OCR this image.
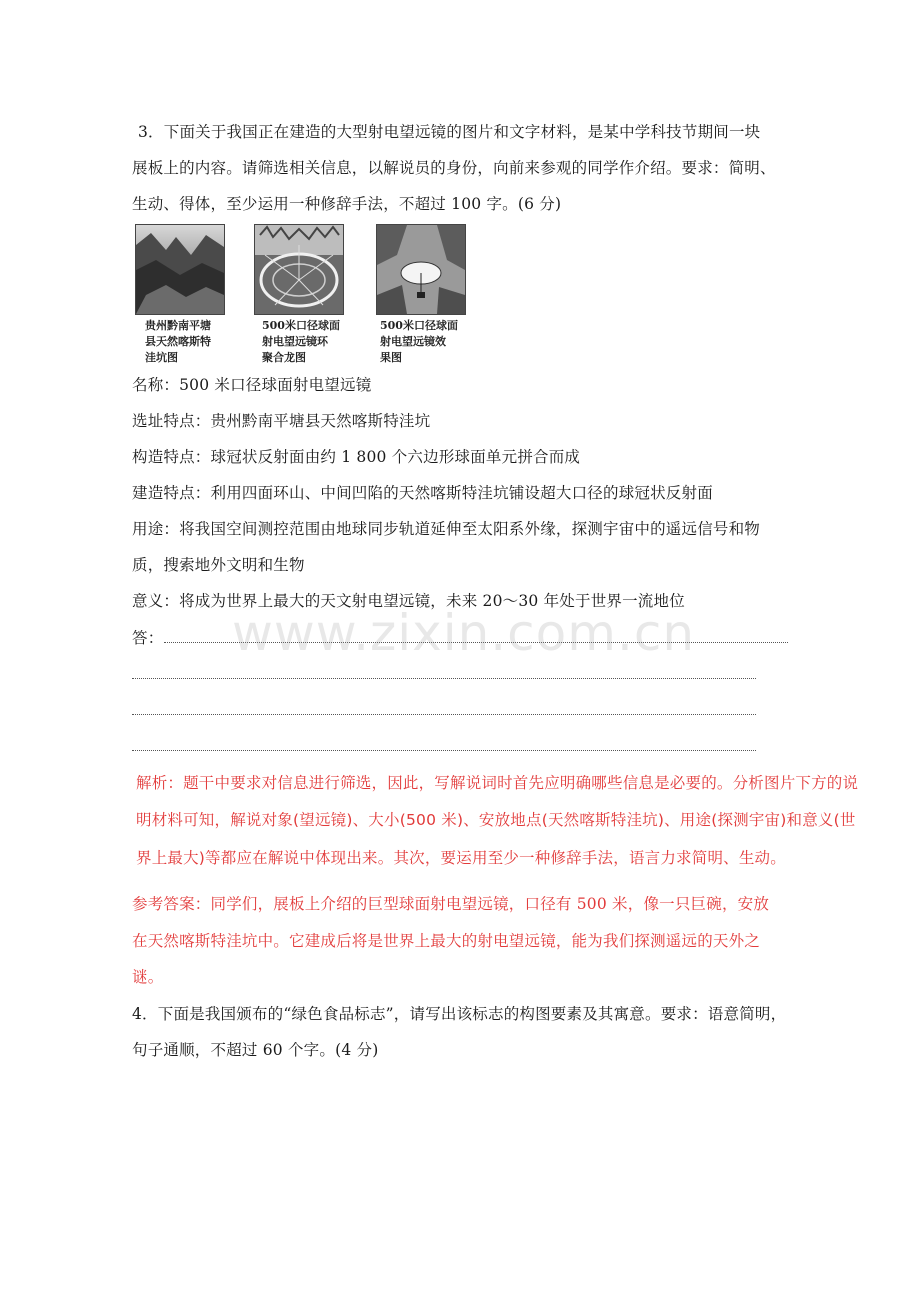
3．下面关于我国正在建造的大型射电望远镜的图片和文字材料，是某中学科技节期间一块
展板上的内容。请筛选相关信息，以解说员的身份，向前来参观的同学作介绍。要求：简明、
生动、得体，至少运用一种修辞手法，不超过 100 字。(6 分)
贵州黔南平塘
县天然喀斯特
洼坑图
500米口径球面
射电望远镜环
聚合龙图
500米口径球面
射电望远镜效
果图
名称：500 米口径球面射电望远镜
选址特点：贵州黔南平塘县天然喀斯特洼坑
构造特点：球冠状反射面由约 1 800 个六边形球面单元拼合而成
建造特点：利用四面环山、中间凹陷的天然喀斯特洼坑铺设超大口径的球冠状反射面
用途：将我国空间测控范围由地球同步轨道延伸至太阳系外缘，探测宇宙中的遥远信号和物
质，搜索地外文明和生物
意义：将成为世界上最大的天文射电望远镜，未来 20～30 年处于世界一流地位
答： www.zixin.com.cn
解析：题干中要求对信息进行筛选，因此，写解说词时首先应明确哪些信息是必要的。分析图片下方的说
明材料可知，解说对象(望远镜)、大小(500 米)、安放地点(天然喀斯特洼坑)、用途(探测宇宙)和意义(世
界上最大)等都应在解说中体现出来。其次，要运用至少一种修辞手法，语言力求简明、生动。
参考答案：同学们，展板上介绍的巨型球面射电望远镜，口径有 500 米，像一只巨碗，安放
在天然喀斯特洼坑中。它建成后将是世界上最大的射电望远镜，能为我们探测遥远的天外之
谜。
4．下面是我国颁布的“绿色食品标志”，请写出该标志的构图要素及其寓意。要求：语意简明，
句子通顺，不超过 60 个字。(4 分)
